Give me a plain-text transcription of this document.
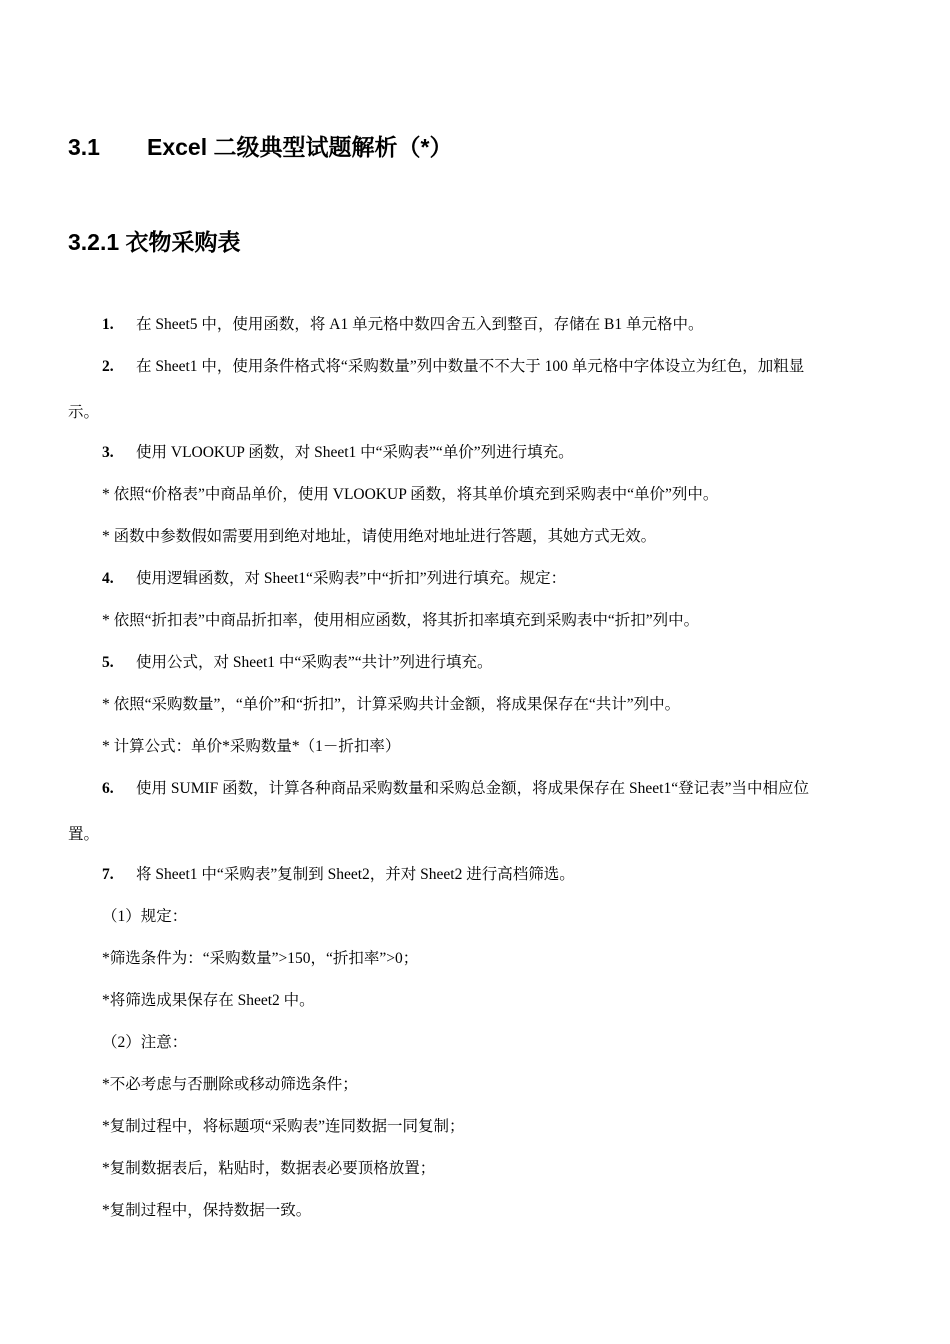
3.1 Excel 二级典型试题解析（*）
3.2.1 衣物采购表
1. 在 Sheet5 中，使用函数，将 A1 单元格中数四舍五入到整百，存储在 B1 单元格中。
2. 在 Sheet1 中，使用条件格式将“采购数量”列中数量不不大于 100 单元格中字体设立为红色，加粗显
示。
3. 使用 VLOOKUP 函数，对 Sheet1 中“采购表”“单价”列进行填充。
* 依照“价格表”中商品单价，使用 VLOOKUP 函数，将其单价填充到采购表中“单价”列中。
* 函数中参数假如需要用到绝对地址，请使用绝对地址进行答题，其她方式无效。
4. 使用逻辑函数，对 Sheet1“采购表”中“折扣”列进行填充。规定：
* 依照“折扣表”中商品折扣率，使用相应函数，将其折扣率填充到采购表中“折扣”列中。
5. 使用公式，对 Sheet1 中“采购表”“共计”列进行填充。
* 依照“采购数量”，“单价”和“折扣”，计算采购共计金额，将成果保存在“共计”列中。
* 计算公式：单价*采购数量*（1－折扣率）
6. 使用 SUMIF 函数，计算各种商品采购数量和采购总金额，将成果保存在 Sheet1“登记表”当中相应位
置。
7. 将 Sheet1 中“采购表”复制到 Sheet2，并对 Sheet2 进行高档筛选。
（1）规定：
*筛选条件为：“采购数量”>150，“折扣率”>0；
*将筛选成果保存在 Sheet2 中。
（2）注意：
*不必考虑与否删除或移动筛选条件；
*复制过程中，将标题项“采购表”连同数据一同复制；
*复制数据表后，粘贴时，数据表必要顶格放置；
*复制过程中，保持数据一致。
